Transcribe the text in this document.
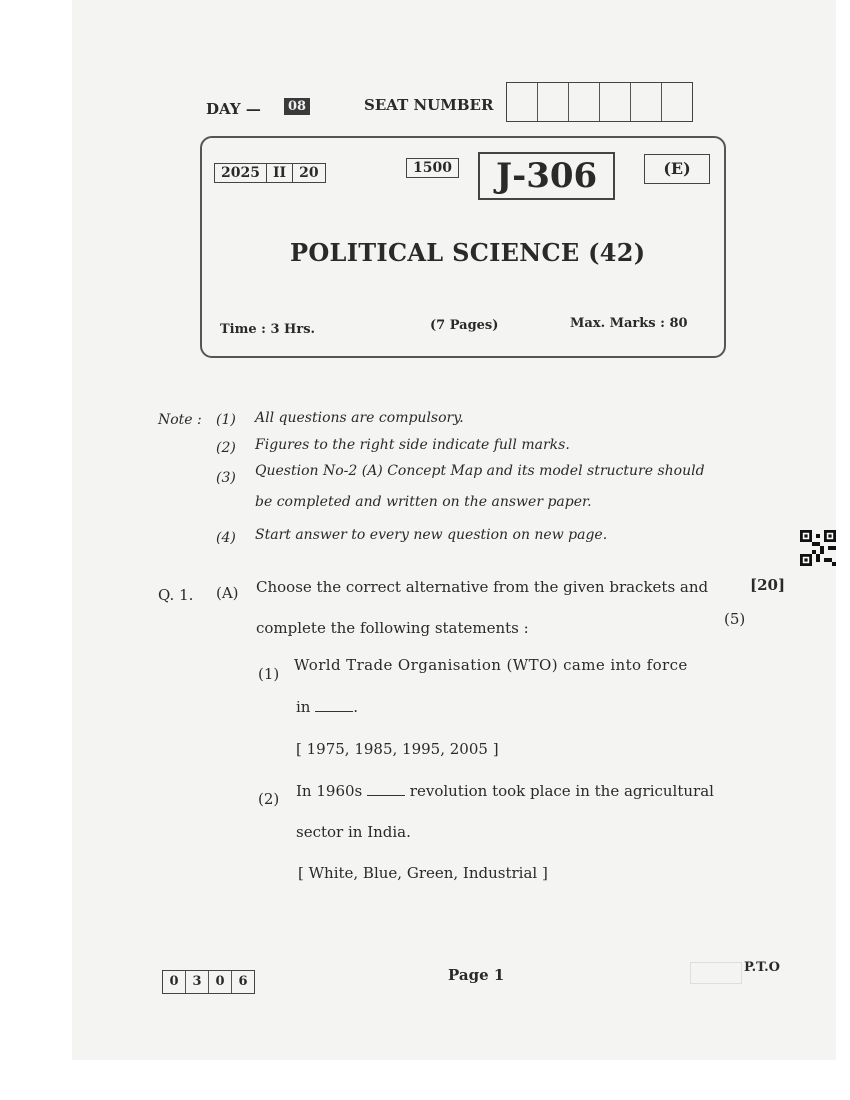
DAY —	08	SEAT NUMBER
2025 II 20	1500	J-306	(E)
POLITICAL SCIENCE (42)
Time : 3 Hrs.	(7 Pages)	Max. Marks : 80
Note : (1) All questions are compulsory.
(2) Figures to the right side indicate full marks.
(3) Question No-2 (A) Concept Map and its model structure should
be completed and written on the answer paper.
(4) Start answer to every new question on new page.
Q. 1. (A) Choose the correct alternative from the given brackets and	[20]
complete the following statements :	(5)
(1) World Trade Organisation (WTO) came into force
in	.
[ 1975, 1985, 1995, 2005 ]
(2) In 1960s	revolution took place in the agricultural
sector in India.
[ White, Blue, Green, Industrial ]
0	3	0	6	Page 1	P.T.O
